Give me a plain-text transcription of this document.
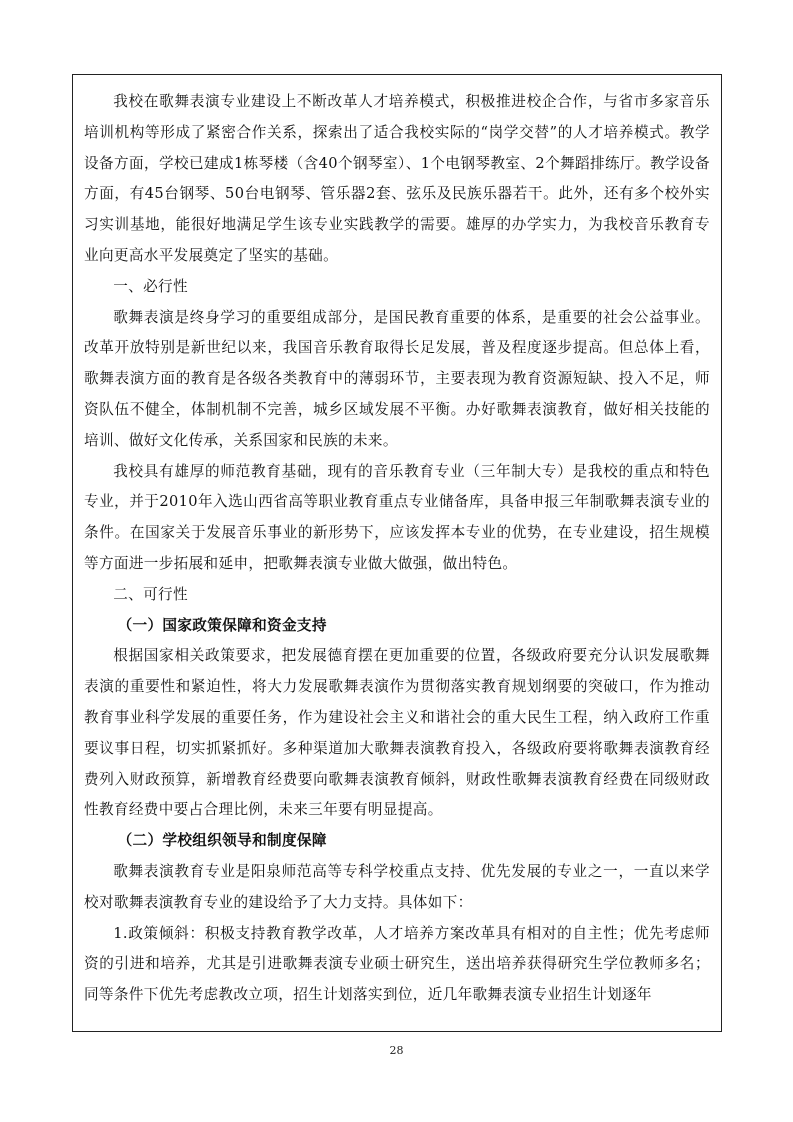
我校在歌舞表演专业建设上不断改革人才培养模式，积极推进校企合作，与省市多家音乐培训机构等形成了紧密合作关系，探索出了适合我校实际的“岗学交替”的人才培养模式。教学设备方面，学校已建成1栋琴楼（含40个钢琴室）、1个电钢琴教室、2个舞蹈排练厅。教学设备方面，有45台钢琴、50台电钢琴、管乐器2套、弦乐及民族乐器若干。此外，还有多个校外实习实训基地，能很好地满足学生该专业实践教学的需要。雄厚的办学实力，为我校音乐教育专业向更高水平发展奠定了坚实的基础。

一、必行性

歌舞表演是终身学习的重要组成部分，是国民教育重要的体系，是重要的社会公益事业。改革开放特别是新世纪以来，我国音乐教育取得长足发展，普及程度逐步提高。但总体上看，歌舞表演方面的教育是各级各类教育中的薄弱环节，主要表现为教育资源短缺、投入不足，师资队伍不健全，体制机制不完善，城乡区域发展不平衡。办好歌舞表演教育，做好相关技能的培训、做好文化传承，关系国家和民族的未来。

我校具有雄厚的师范教育基础，现有的音乐教育专业（三年制大专）是我校的重点和特色专业，并于2010年入选山西省高等职业教育重点专业储备库，具备申报三年制歌舞表演专业的条件。在国家关于发展音乐事业的新形势下，应该发挥本专业的优势，在专业建设，招生规模等方面进一步拓展和延申，把歌舞表演专业做大做强，做出特色。

二、可行性

（一）国家政策保障和资金支持

根据国家相关政策要求，把发展德育摆在更加重要的位置，各级政府要充分认识发展歌舞表演的重要性和紧迫性，将大力发展歌舞表演作为贯彻落实教育规划纲要的突破口，作为推动教育事业科学发展的重要任务，作为建设社会主义和谐社会的重大民生工程，纳入政府工作重要议事日程，切实抓紧抓好。多种渠道加大歌舞表演教育投入，各级政府要将歌舞表演教育经费列入财政预算，新增教育经费要向歌舞表演教育倾斜，财政性歌舞表演教育经费在同级财政性教育经费中要占合理比例，未来三年要有明显提高。

（二）学校组织领导和制度保障

歌舞表演教育专业是阳泉师范高等专科学校重点支持、优先发展的专业之一，一直以来学校对歌舞表演教育专业的建设给予了大力支持。具体如下：

1.政策倾斜：积极支持教育教学改革，人才培养方案改革具有相对的自主性；优先考虑师资的引进和培养，尤其是引进歌舞表演专业硕士研究生，送出培养获得研究生学位教师多名；同等条件下优先考虑教改立项，招生计划落实到位，近几年歌舞表演专业招生计划逐年

28
